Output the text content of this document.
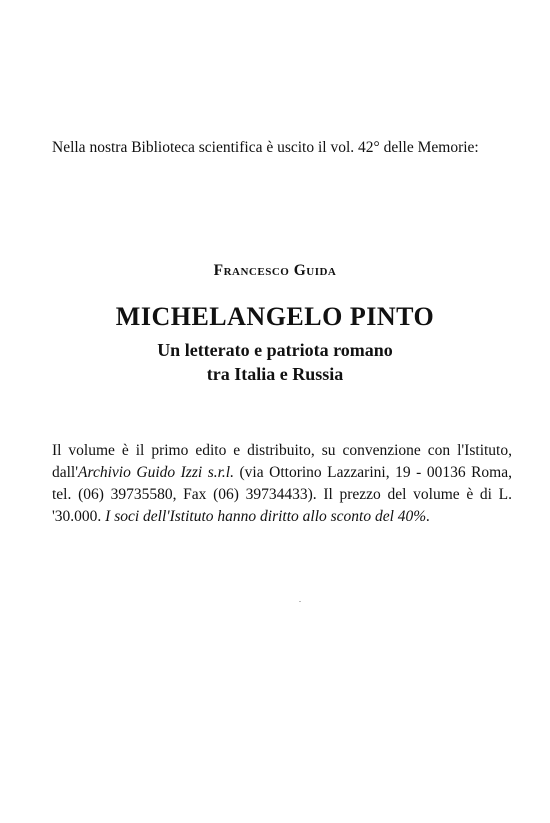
Nella nostra Biblioteca scientifica è uscito il vol. 42° delle Memorie:

Francesco Guida
MICHELANGELO PINTO
Un letterato e patriota romano
tra Italia e Russia

Il volume è il primo edito e distribuito, su convenzione con l'Istituto, dall'Archivio Guido Izzi s.r.l. (via Ottorino Lazzarini, 19 - 00136 Roma, tel. (06) 39735580, Fax (06) 39734433). Il prezzo del volume è di L. '30.000. I soci dell'Istituto hanno diritto allo sconto del 40%.
